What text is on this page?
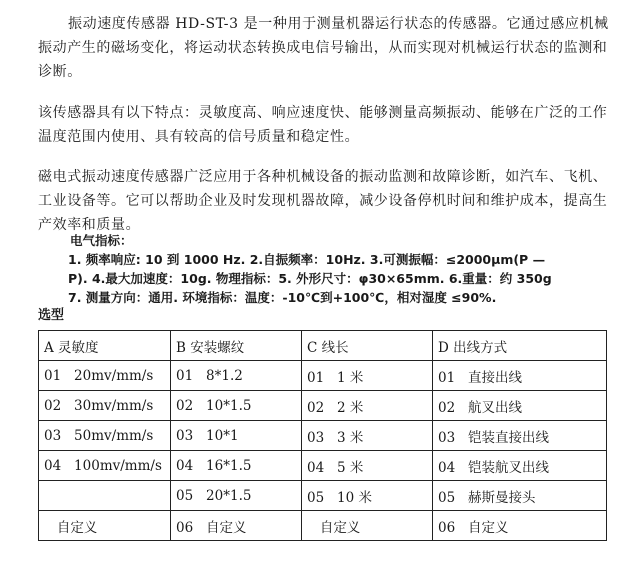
振动速度传感器 HD-ST-3 是一种用于测量机器运行状态的传感器。它通过感应机械振动产生的磁场变化，将运动状态转换成电信号输出，从而实现对机械运行状态的监测和诊断。

该传感器具有以下特点：灵敏度高、响应速度快、能够测量高频振动、能够在广泛的工作温度范围内使用、具有较高的信号质量和稳定性。

磁电式振动速度传感器广泛应用于各种机械设备的振动监测和故障诊断，如汽车、飞机、工业设备等。它可以帮助企业及时发现机器故障，减少设备停机时间和维护成本，提高生产效率和质量。

电气指标：
1. 频率响应: 10 到 1000 Hz. 2.自振频率：10Hz. 3.可测振幅：≤2000μm(P —
P). 4.最大加速度：10g. 物理指标：5. 外形尺寸：φ30×65mm. 6.重量：约 350g
7. 测量方向：通用. 环境指标：温度：-10℃到+100℃，相对湿度 ≤90%.
选型
A 灵敏度	B 安装螺纹	C 线长	D 出线方式
01   20mv/mm/s	01   8*1.2	01   1 米	01   直接出线
02   30mv/mm/s	02   10*1.5	02   2 米	02   航叉出线
03   50mv/mm/s	03   10*1	03   3 米	03   铠装直接出线
04   100mv/mm/s	04   16*1.5	04   5 米	04   铠装航叉出线
	05   20*1.5	05   10 米	05   赫斯曼接头
自定义	06   自定义	自定义	06   自定义
